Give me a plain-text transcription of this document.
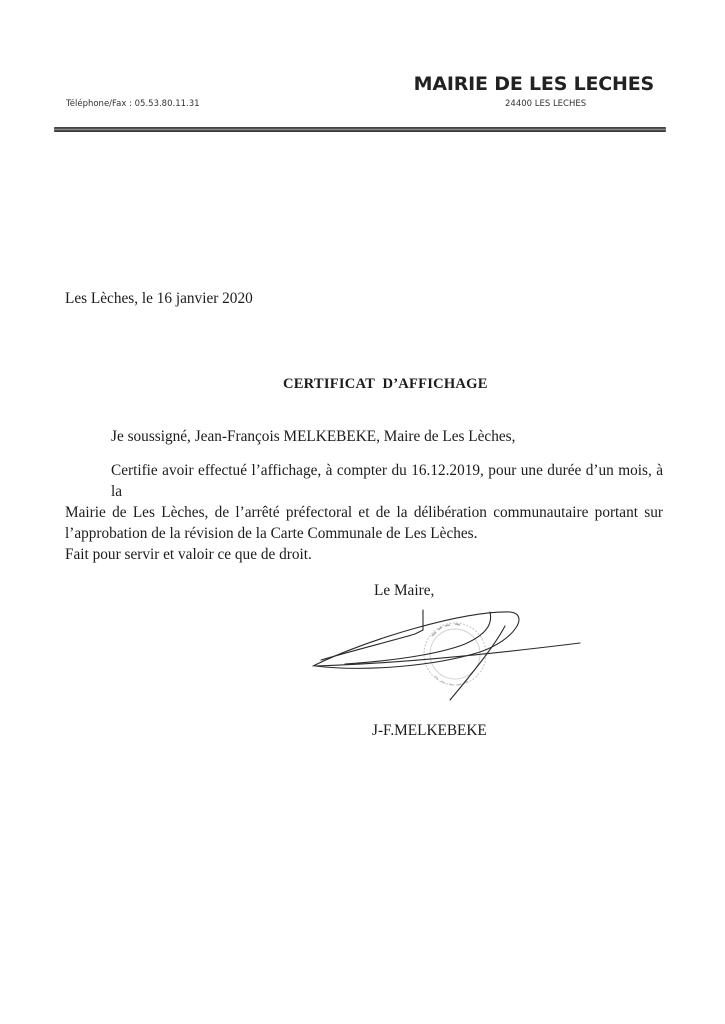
MAIRIE DE LES LECHES
24400 LES LECHES
Téléphone/Fax : 05.53.80.11.31
Les Lèches, le 16 janvier 2020
CERTIFICAT  D’AFFICHAGE
Je soussigné, Jean-François MELKEBEKE, Maire de Les Lèches,
Certifie avoir effectué l’affichage, à compter du 16.12.2019, pour une durée d’un mois, à la
Mairie de Les Lèches, de l’arrêté préfectoral et de la délibération communautaire portant sur
l’approbation de la révision de la Carte Communale de Les Lèches.
Fait pour servir et valoir ce que de droit.
Le Maire,
J-F.MELKEBEKE
